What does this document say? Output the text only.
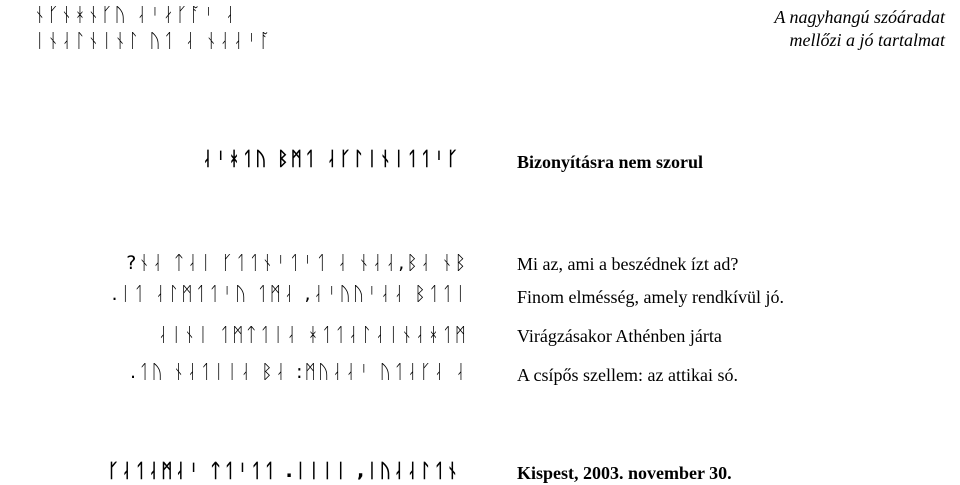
ᚾᚴᚾᚼᚾᚴᚢ ᛆᛌᛅᚴᚪᛌ ᛆ
ᛁᚾᛆᛚᚾᛁᚾᛚ ᚢᛐ ᛆ ᚾᛆᛆᛌᚪ
A nagyhangú szóáradat
mellőzi a jó tartalmat
ᛆᛌᚼᛐᚢ ᛒᛗᛐ ᛆᚴᛚᛁᚾᛁᛐᛐᛌᚴ	Bizonyításra nem szorul
?ᚾᛆ ᛏᛆᛁ ᚴᛐᛐᚾᛌᛐᛌᛐ ᛆ ᚾᛆᛆ,ᛒᛆ ᚾᛒ
.ᛁᛐ ᛆᛚᛗᛐᛐᛌᚢ ᛐᛗᛆ ,ᛆᛌᚢᚢᛌᛆᛆ ᛒᛐᛐᛁ
ᛆᛁᚾᛁ ᛐᛗᛏᛐᛁᛆ ᚼᛐᛐᛆᛚᛆᛁᚾᛆᚼᛐᛗ
.ᛐᚢ ᚾᛆᛐᛁᛁᛆ ᛒᛆ :ᛗᚢᛆᛆᛌ ᚢᛐᛆᚴᛆ ᛆ
Mi az, ami a beszédnek ízt ad?
Finom elmésség, amely rendkívül jó.
Virágzásakor Athénben járta
A csípős szellem: az attikai só.
ᚴᛆᛐᛆᛗᛆᛌ ᛏᛐᛌᛐᛐ .ᛁᛁᛁᛁ ,ᛁᚢᛆᛆᛚᛐᚾ	Kispest, 2003. november 30.
